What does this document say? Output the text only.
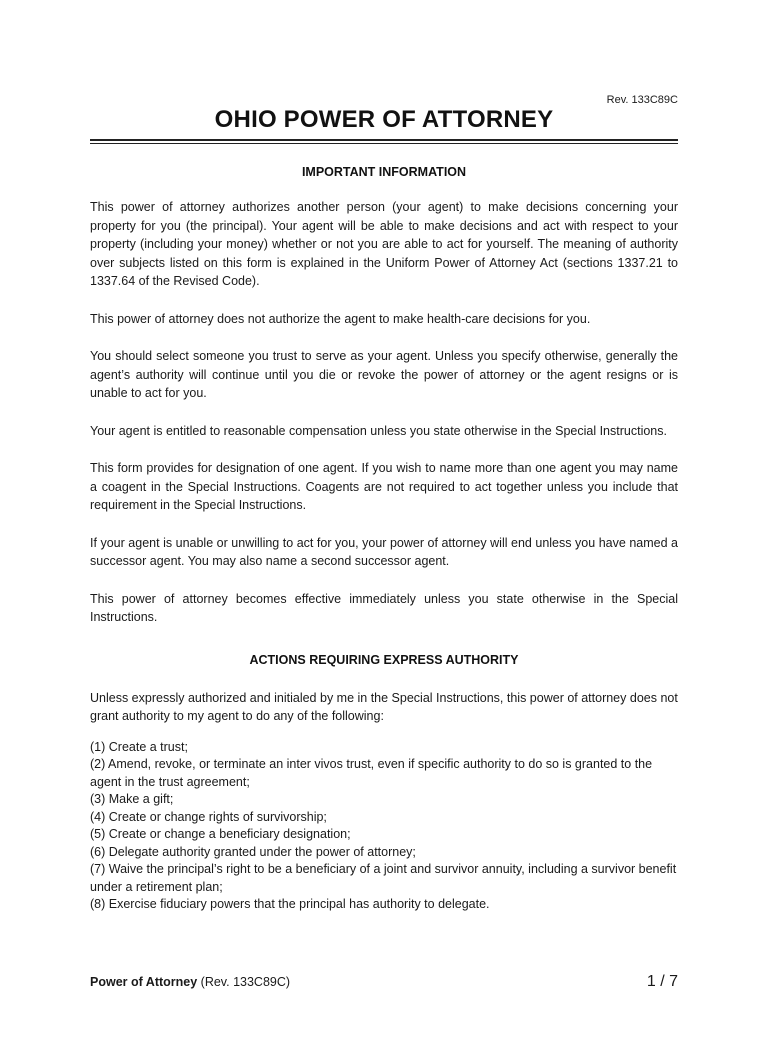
Rev. 133C89C
OHIO POWER OF ATTORNEY
IMPORTANT INFORMATION

This power of attorney authorizes another person (your agent) to make decisions concerning your property for you (the principal). Your agent will be able to make decisions and act with respect to your property (including your money) whether or not you are able to act for yourself. The meaning of authority over subjects listed on this form is explained in the Uniform Power of Attorney Act (sections 1337.21 to 1337.64 of the Revised Code).

This power of attorney does not authorize the agent to make health-care decisions for you.

You should select someone you trust to serve as your agent. Unless you specify otherwise, generally the agent’s authority will continue until you die or revoke the power of attorney or the agent resigns or is unable to act for you.

Your agent is entitled to reasonable compensation unless you state otherwise in the Special Instructions.

This form provides for designation of one agent. If you wish to name more than one agent you may name a coagent in the Special Instructions. Coagents are not required to act together unless you include that requirement in the Special Instructions.

If your agent is unable or unwilling to act for you, your power of attorney will end unless you have named a successor agent. You may also name a second successor agent.

This power of attorney becomes effective immediately unless you state otherwise in the Special Instructions.

ACTIONS REQUIRING EXPRESS AUTHORITY

Unless expressly authorized and initialed by me in the Special Instructions, this power of attorney does not grant authority to my agent to do any of the following:

(1) Create a trust;
(2) Amend, revoke, or terminate an inter vivos trust, even if specific authority to do so is granted to the agent in the trust agreement;
(3) Make a gift;
(4) Create or change rights of survivorship;
(5) Create or change a beneficiary designation;
(6) Delegate authority granted under the power of attorney;
(7) Waive the principal’s right to be a beneficiary of a joint and survivor annuity, including a survivor benefit under a retirement plan;
(8) Exercise fiduciary powers that the principal has authority to delegate.
Power of Attorney (Rev. 133C89C)	1 / 7
